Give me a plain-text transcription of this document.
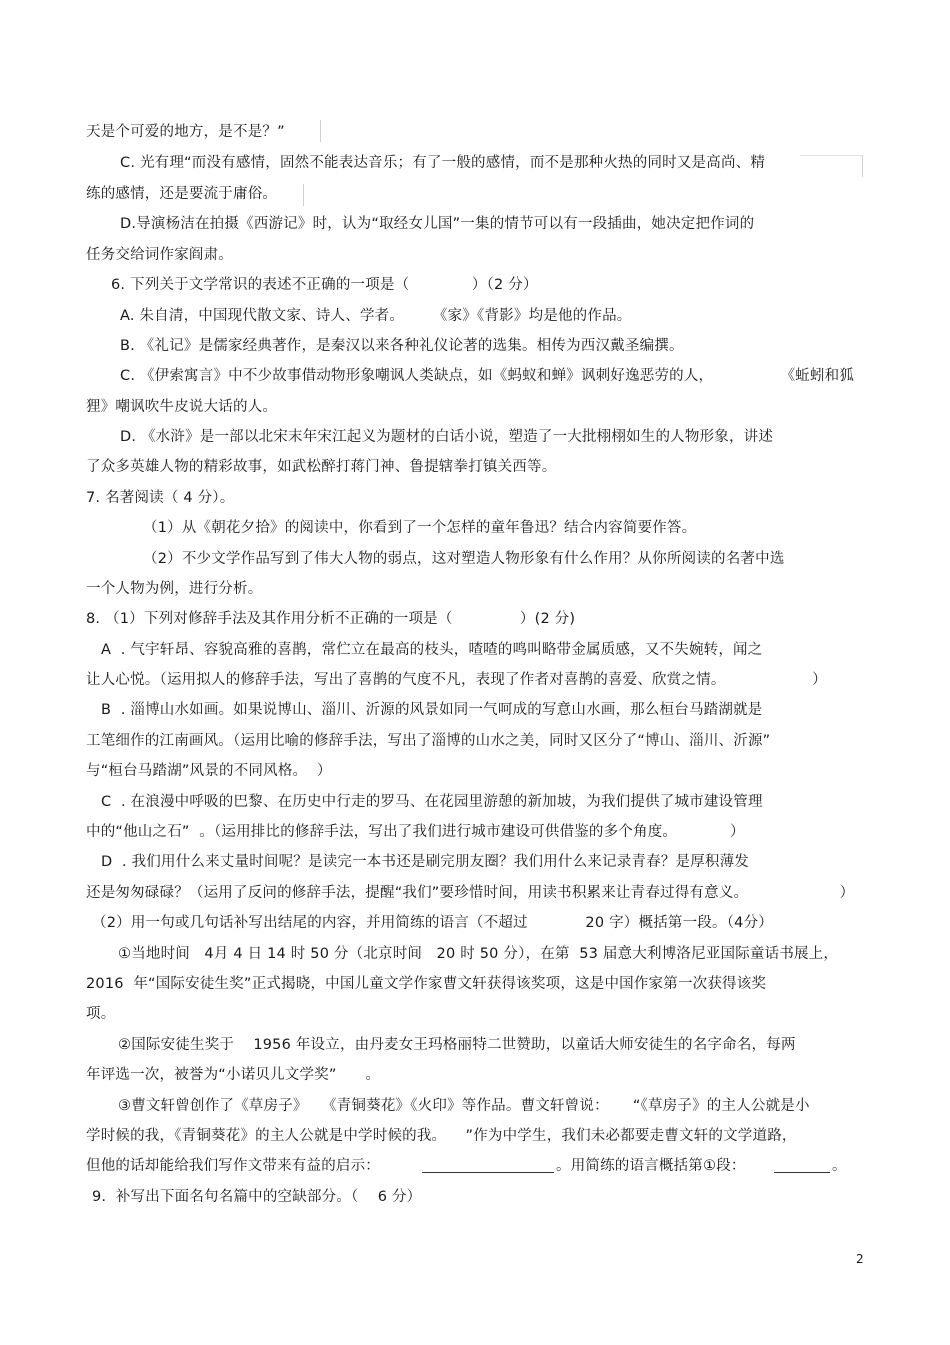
天是个可爱的地方，是不是？”
C. 光有理“而没有感情，固然不能表达音乐；有了一般的感情，而不是那种火热的同时又是高尚、精
练的感情，还是要流于庸俗。
D.导演杨洁在拍摄《西游记》时，认为“取经女儿国”一集的情节可以有一段插曲，她决定把作词的
任务交给词作家阎肃。
6. 下列关于文学常识的表述不正确的一项是（             ）（2 分）
A. 朱自清，中国现代散文家、诗人、学者。      《家》《背影》均是他的作品。
B. 《礼记》是儒家经典著作，是秦汉以来各种礼仪论著的选集。相传为西汉戴圣编撰。
C. 《伊索寓言》中不少故事借动物形象嘲讽人类缺点，如《蚂蚁和蝉》讽刺好逸恶劳的人，              《蚯蚓和狐
狸》嘲讽吹牛皮说大话的人。
D. 《水浒》是一部以北宋末年宋江起义为题材的白话小说，塑造了一大批栩栩如生的人物形象，讲述
了众多英雄人物的精彩故事，如武松醉打蒋门神、鲁提辖拳打镇关西等。
7. 名著阅读（ 4 分）。
（1）从《朝花夕拾》的阅读中，你看到了一个怎样的童年鲁迅？结合内容简要作答。
（2）不少文学作品写到了伟大人物的弱点，这对塑造人物形象有什么作用？从你所阅读的名著中选
一个人物为例，进行分析。
8. （1）下列对修辞手法及其作用分析不正确的一项是（              ）(2 分)
A  . 气宇轩昂、容貌高雅的喜鹊，常伫立在最高的枝头，喳喳的鸣叫略带金属质感，又不失婉转，闻之
让人心悦。（运用拟人的修辞手法，写出了喜鹊的气度不凡，表现了作者对喜鹊的喜爱、欣赏之情。                  ）
B  . 淄博山水如画。如果说博山、淄川、沂源的风景如同一气呵成的写意山水画，那么桓台马踏湖就是
工笔细作的江南画风。（运用比喻的修辞手法，写出了淄博的山水之美，同时又区分了“博山、淄川、沂源”
与“桓台马踏湖”风景的不同风格。  ）
C  . 在浪漫中呼吸的巴黎、在历史中行走的罗马、在花园里游憩的新加坡，为我们提供了城市建设管理
中的“他山之石”  。（运用排比的修辞手法，写出了我们进行城市建设可供借鉴的多个角度。           ）
D  . 我们用什么来丈量时间呢？是读完一本书还是刷完朋友圈？我们用什么来记录青春？是厚积薄发
还是匆匆碌碌？（运用了反问的修辞手法，提醒“我们”要珍惜时间，用读书积累来让青春过得有意义。                   ）
（2）用一句或几句话补写出结尾的内容，并用简练的语言（不超过            20 字）概括第一段。（4分）
①当地时间   4月 4 日 14 时 50 分（北京时间   20 时 50 分），在第  53 届意大利博洛尼亚国际童话书展上，
2016  年“国际安徒生奖”正式揭晓，中国儿童文学作家曹文轩获得该奖项，这是中国作家第一次获得该奖
项。
②国际安徒生奖于    1956 年设立，由丹麦女王玛格丽特二世赞助，以童话大师安徒生的名字命名，每两
年评选一次，被誉为“小诺贝儿文学奖”      。
③曹文轩曾创作了《草房子》   《青铜葵花》《火印》等作品。曹文轩曾说：     “《草房子》的主人公就是小
学时候的我，《青铜葵花》的主人公就是中学时候的我。    ”作为中学生，我们未必都要走曹文轩的文学道路，
但他的话却能给我们写作文带来有益的启示：	。用简练的语言概括第①段：	。
9.  补写出下面名句名篇中的空缺部分。（    6 分）
2
